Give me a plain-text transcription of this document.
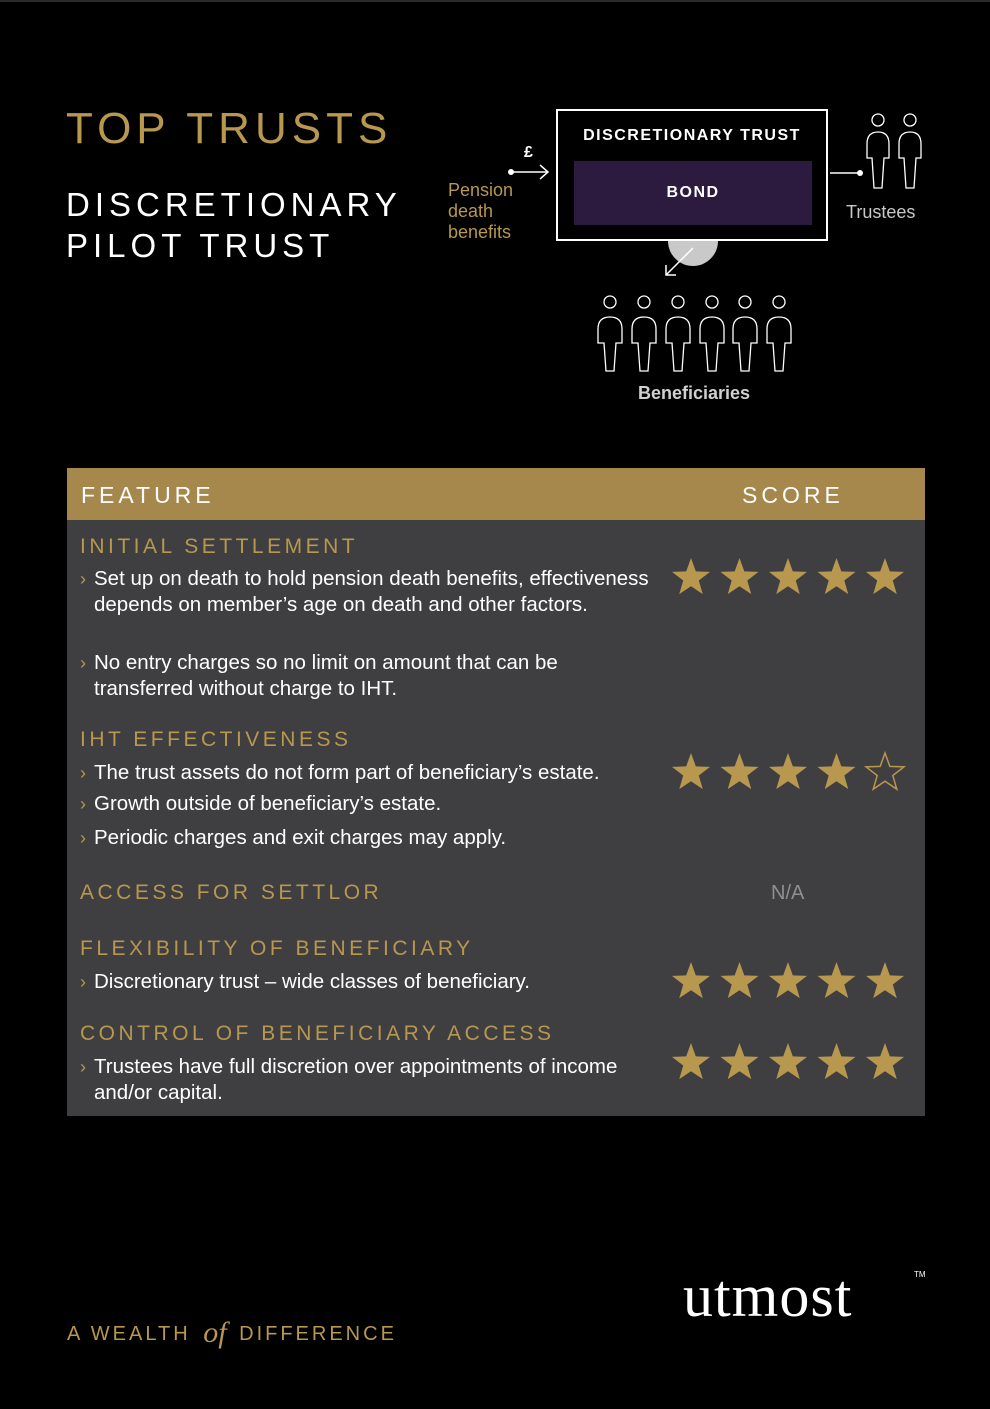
TOP TRUSTS
DISCRETIONARY
PILOT TRUST
Pension
death
benefits
£
DISCRETIONARY TRUST
BOND
Trustees
Beneficiaries
FEATURE	SCORE
INITIAL SETTLEMENT
› Set up on death to hold pension death benefits, effectiveness depends on member’s age on death and other factors.
› No entry charges so no limit on amount that can be transferred without charge to IHT.
IHT EFFECTIVENESS
› The trust assets do not form part of beneficiary’s estate.
› Growth outside of beneficiary’s estate.
› Periodic charges and exit charges may apply.
ACCESS FOR SETTLOR	N/A
FLEXIBILITY OF BENEFICIARY
› Discretionary trust – wide classes of beneficiary.
CONTROL OF BENEFICIARY ACCESS
› Trustees have full discretion over appointments of income and/or capital.
A WEALTH of DIFFERENCE
utmost	TM
